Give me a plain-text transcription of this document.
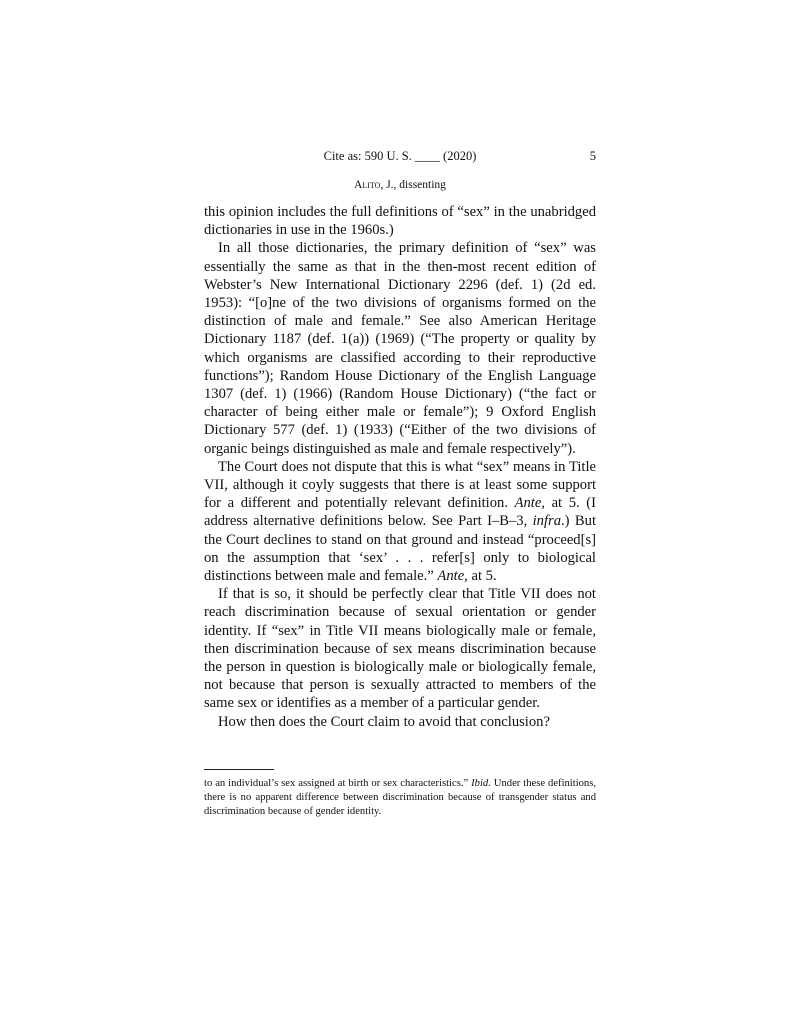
Cite as: 590 U. S. ____ (2020)	5
Alito, J., dissenting

this opinion includes the full definitions of “sex” in the unabridged dictionaries in use in the 1960s.)

In all those dictionaries, the primary definition of “sex” was essentially the same as that in the then-most recent edition of Webster’s New International Dictionary 2296 (def. 1) (2d ed. 1953): “[o]ne of the two divisions of organisms formed on the distinction of male and female.” See also American Heritage Dictionary 1187 (def. 1(a)) (1969) (“The property or quality by which organisms are classified according to their reproductive functions”); Random House Dictionary of the English Language 1307 (def. 1) (1966) (Random House Dictionary) (“the fact or character of being either male or female”); 9 Oxford English Dictionary 577 (def. 1) (1933) (“Either of the two divisions of organic beings distinguished as male and female respectively”).

The Court does not dispute that this is what “sex” means in Title VII, although it coyly suggests that there is at least some support for a different and potentially relevant definition. Ante, at 5. (I address alternative definitions below. See Part I–B–3, infra.) But the Court declines to stand on that ground and instead “proceed[s] on the assumption that ‘sex’ . . . refer[s] only to biological distinctions between male and female.” Ante, at 5.

If that is so, it should be perfectly clear that Title VII does not reach discrimination because of sexual orientation or gender identity. If “sex” in Title VII means biologically male or female, then discrimination because of sex means discrimination because the person in question is biologically male or biologically female, not because that person is sexually attracted to members of the same sex or identifies as a member of a particular gender.

How then does the Court claim to avoid that conclusion?

to an individual’s sex assigned at birth or sex characteristics.” Ibid. Under these definitions, there is no apparent difference between discrimination because of transgender status and discrimination because of gender identity.
